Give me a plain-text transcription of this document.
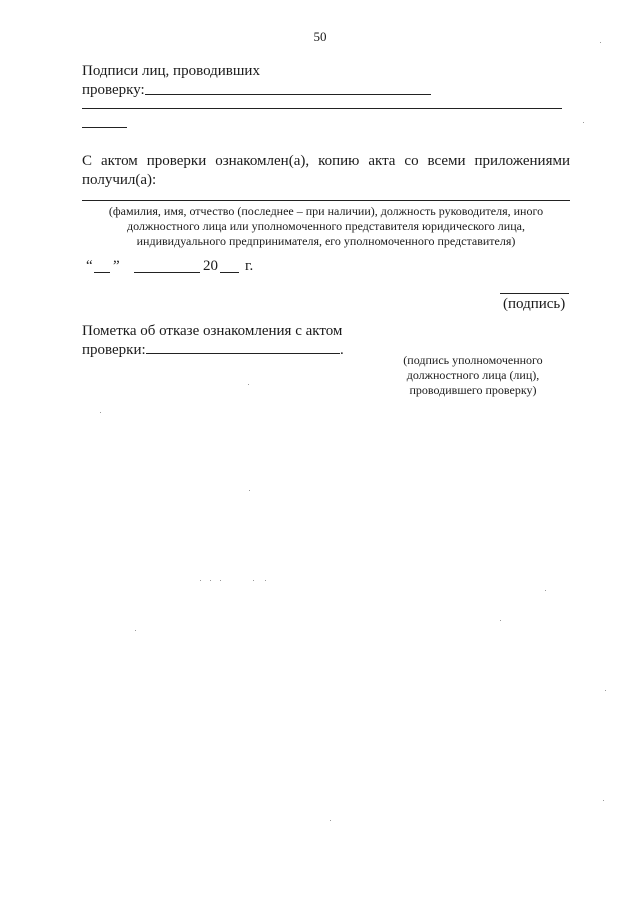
50
Подписи лиц, проводивших
проверку:
С актом проверки ознакомлен(а), копию акта со всеми приложениями
получил(а):
(фамилия, имя, отчество (последнее – при наличии), должность руководителя, иного
должностного лица или уполномоченного представителя юридического лица,
индивидуального предпринимателя, его уполномоченного представителя)
“ ”	20 г.
(подпись)
Пометка об отказе ознакомления с актом
проверки:	.
(подпись уполномоченного
должностного лица (лиц),
проводившего проверку)
